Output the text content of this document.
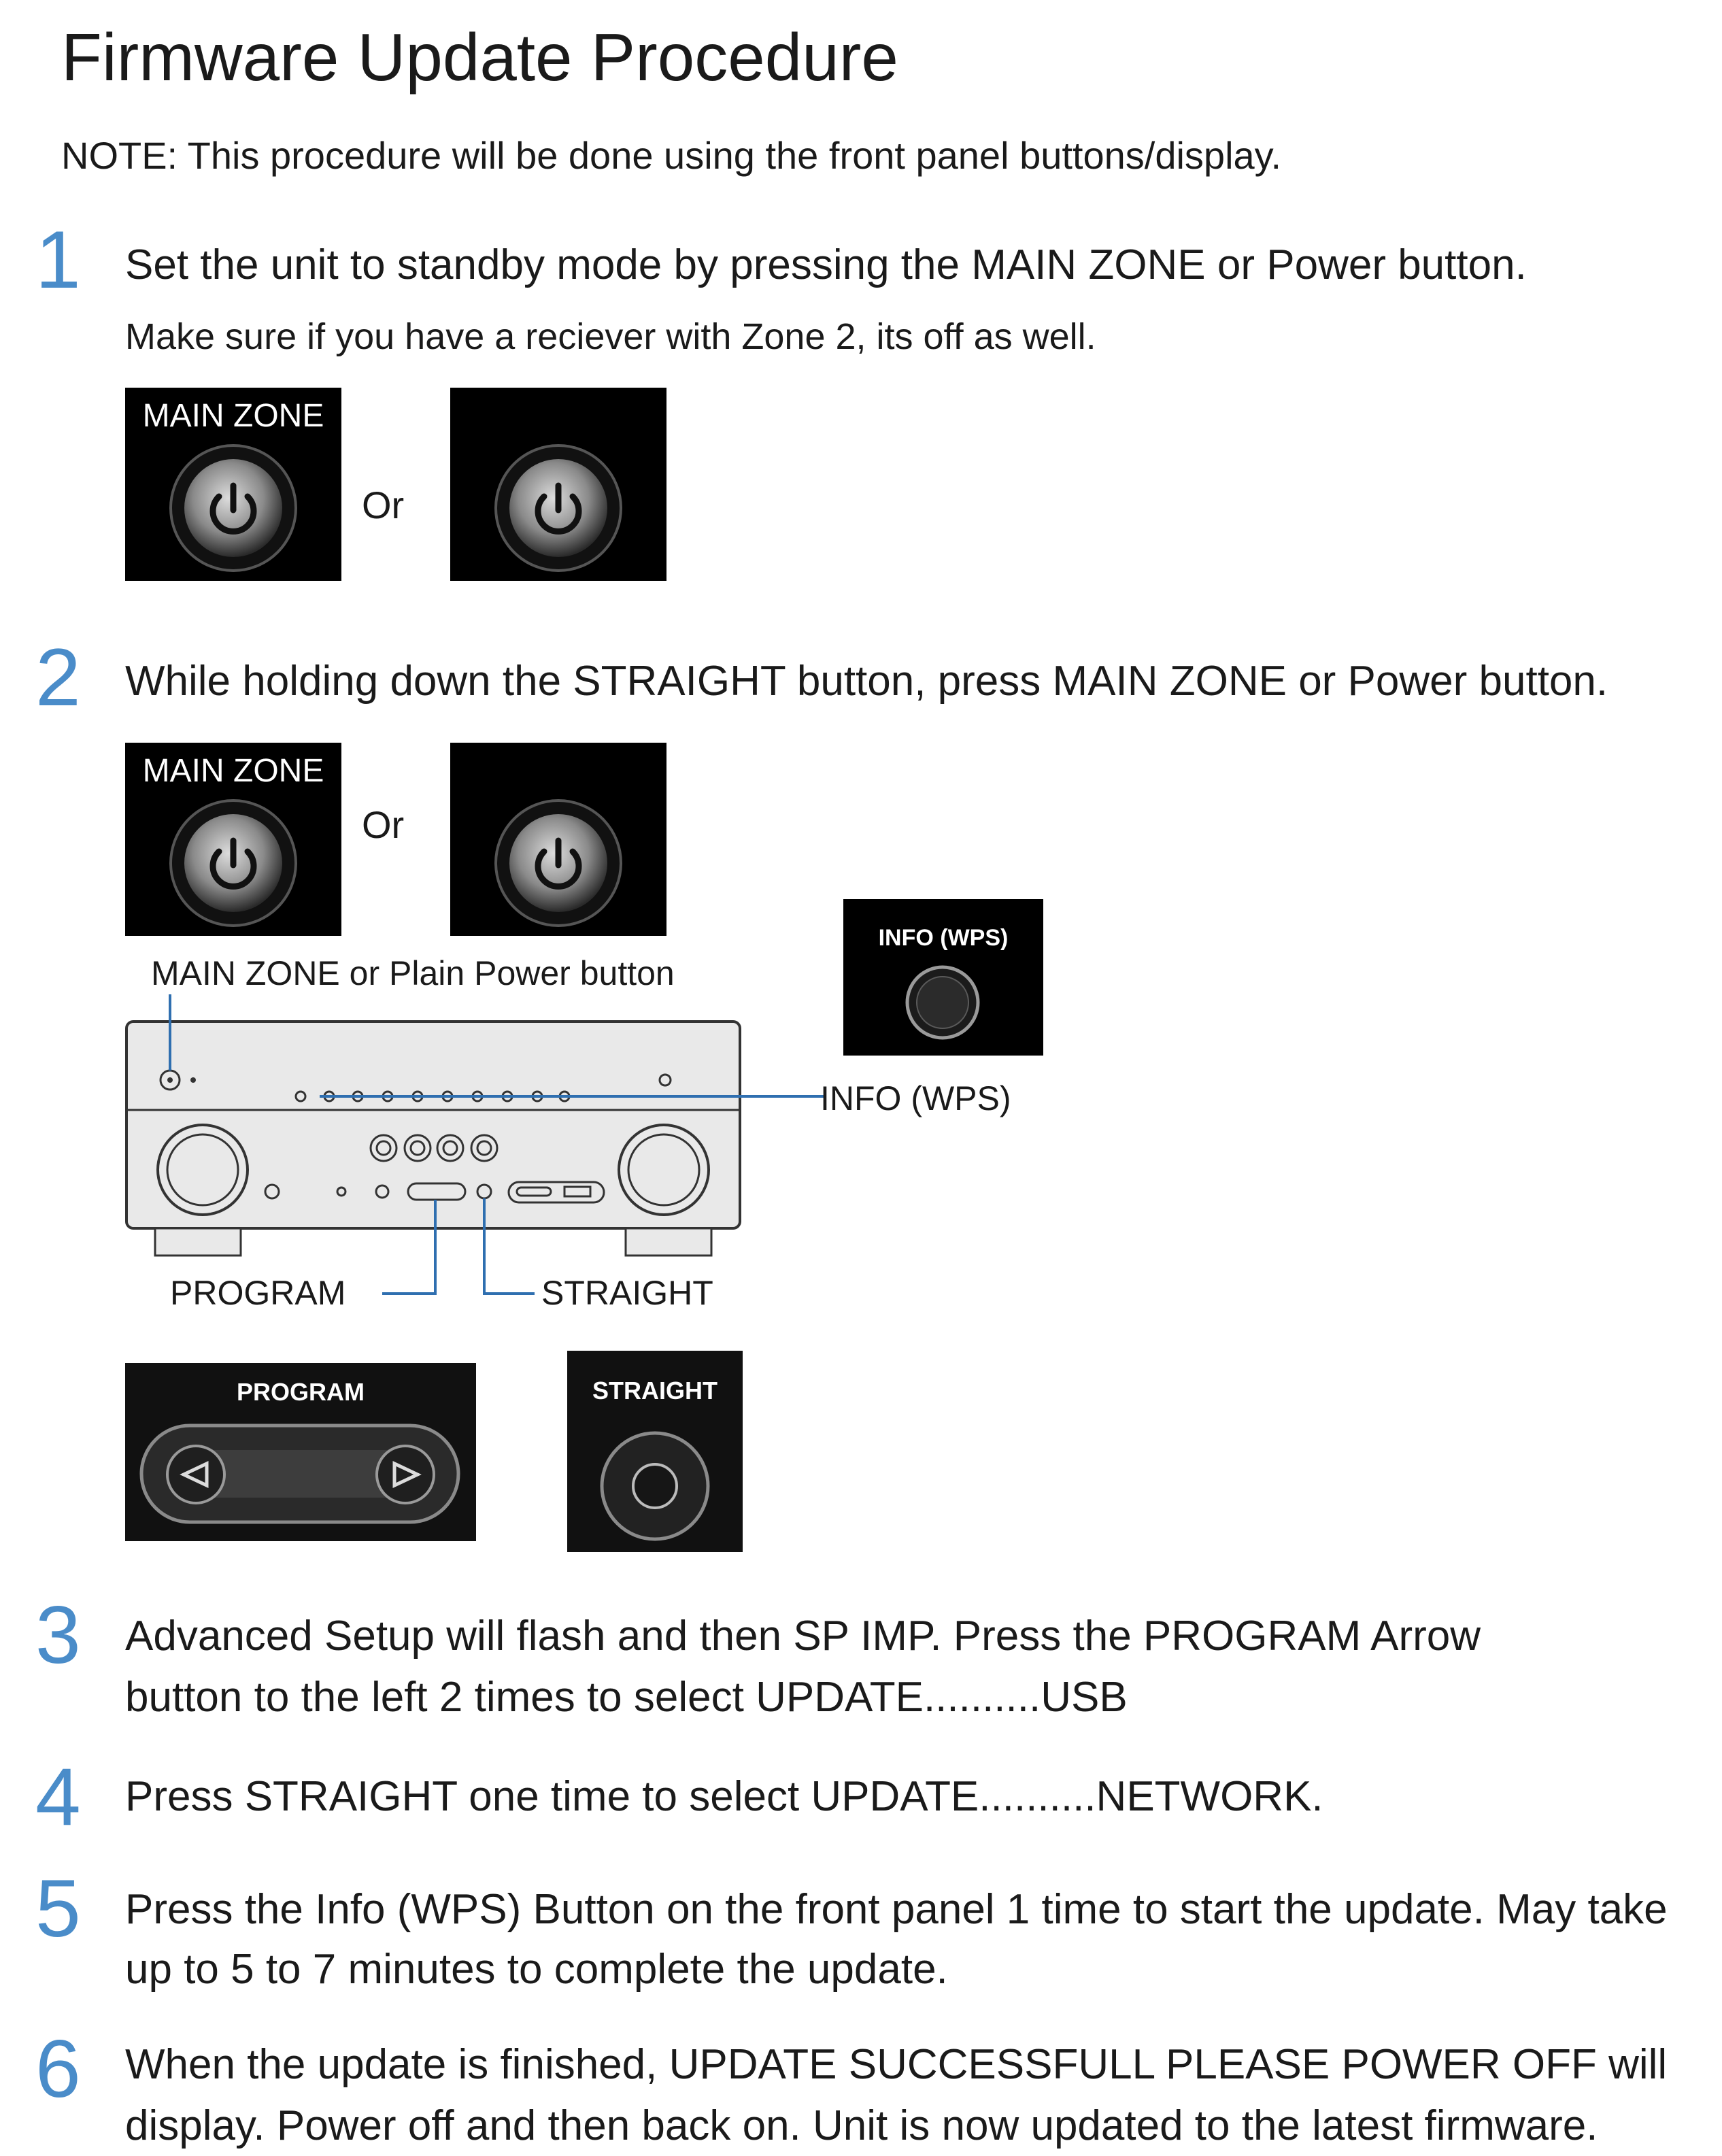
Firmware Update Procedure
NOTE: This procedure will be done using the front panel buttons/display.
1	Set the unit to standby mode by pressing the MAIN ZONE or Power button.
Make sure if you have a reciever with Zone 2, its off as well.
MAIN ZONE
Or
2	While holding down the STRAIGHT button, press MAIN ZONE or Power button.
MAIN ZONE
Or
INFO (WPS)
MAIN ZONE or Plain Power button
INFO (WPS)
PROGRAM	STRAIGHT
PROGRAM	STRAIGHT
3	Advanced Setup will flash and then SP IMP. Press the PROGRAM Arrow
button to the left 2 times to select UPDATE..........USB
4	Press STRAIGHT one time to select UPDATE..........NETWORK.
5	Press the Info (WPS) Button on the front panel 1 time to start the update. May take
up to 5 to 7 minutes to complete the update.
6	When the update is finished, UPDATE SUCCESSFULL PLEASE POWER OFF will
display. Power off and then back on. Unit is now updated to the latest firmware.
